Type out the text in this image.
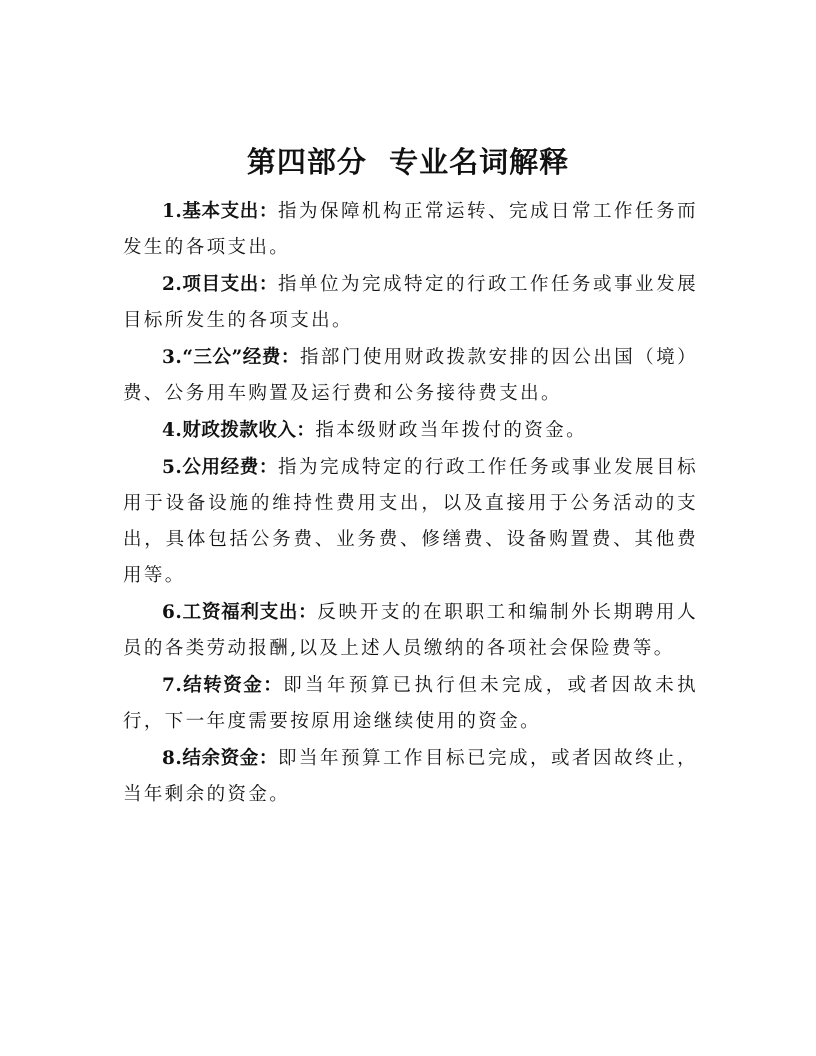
第四部分  专业名词解释

1.基本支出：指为保障机构正常运转、完成日常工作任务而发生的各项支出。

2.项目支出：指单位为完成特定的行政工作任务或事业发展目标所发生的各项支出。

3.“三公”经费：指部门使用财政拨款安排的因公出国（境）费、公务用车购置及运行费和公务接待费支出。

4.财政拨款收入：指本级财政当年拨付的资金。

5.公用经费：指为完成特定的行政工作任务或事业发展目标用于设备设施的维持性费用支出，以及直接用于公务活动的支出，具体包括公务费、业务费、修缮费、设备购置费、其他费用等。

6.工资福利支出：反映开支的在职职工和编制外长期聘用人员的各类劳动报酬,以及上述人员缴纳的各项社会保险费等。

7.结转资金：即当年预算已执行但未完成，或者因故未执行，下一年度需要按原用途继续使用的资金。

8.结余资金：即当年预算工作目标已完成，或者因故终止，当年剩余的资金。
